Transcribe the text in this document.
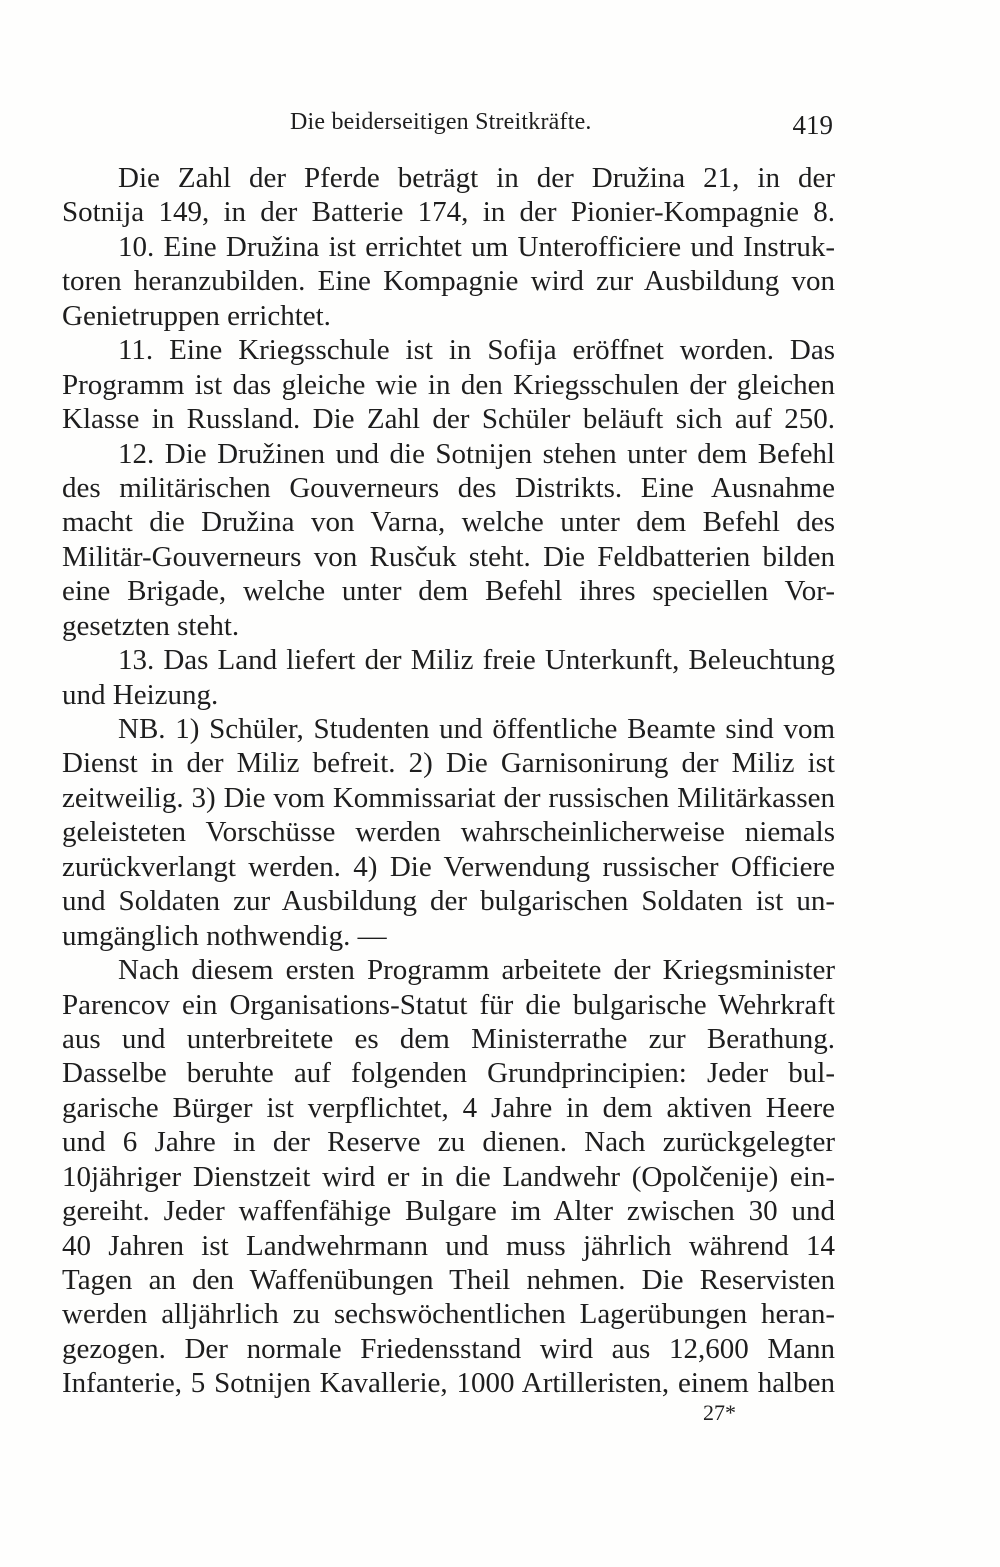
Die beiderseitigen Streitkräfte.	419
Die Zahl der Pferde beträgt in der Družina 21, in der
Sotnija 149, in der Batterie 174, in der Pionier-Kompagnie 8.
10. Eine Družina ist errichtet um Unterofficiere und Instruk-
toren heranzubilden. Eine Kompagnie wird zur Ausbildung von
Genietruppen errichtet.
11. Eine Kriegsschule ist in Sofija eröffnet worden. Das
Programm ist das gleiche wie in den Kriegsschulen der gleichen
Klasse in Russland. Die Zahl der Schüler beläuft sich auf 250.
12. Die Družinen und die Sotnijen stehen unter dem Befehl
des militärischen Gouverneurs des Distrikts. Eine Ausnahme
macht die Družina von Varna, welche unter dem Befehl des
Militär-Gouverneurs von Rusčuk steht. Die Feldbatterien bilden
eine Brigade, welche unter dem Befehl ihres speciellen Vor-
gesetzten steht.
13. Das Land liefert der Miliz freie Unterkunft, Beleuchtung
und Heizung.
NB. 1) Schüler, Studenten und öffentliche Beamte sind vom
Dienst in der Miliz befreit. 2) Die Garnisonirung der Miliz ist
zeitweilig. 3) Die vom Kommissariat der russischen Militärkassen
geleisteten Vorschüsse werden wahrscheinlicherweise niemals
zurückverlangt werden. 4) Die Verwendung russischer Officiere
und Soldaten zur Ausbildung der bulgarischen Soldaten ist un-
umgänglich nothwendig. —
Nach diesem ersten Programm arbeitete der Kriegsminister
Parencov ein Organisations-Statut für die bulgarische Wehrkraft
aus und unterbreitete es dem Ministerrathe zur Berathung.
Dasselbe beruhte auf folgenden Grundprincipien: Jeder bul-
garische Bürger ist verpflichtet, 4 Jahre in dem aktiven Heere
und 6 Jahre in der Reserve zu dienen. Nach zurückgelegter
10jähriger Dienstzeit wird er in die Landwehr (Opolčenije) ein-
gereiht. Jeder waffenfähige Bulgare im Alter zwischen 30 und
40 Jahren ist Landwehrmann und muss jährlich während 14
Tagen an den Waffenübungen Theil nehmen. Die Reservisten
werden alljährlich zu sechswöchentlichen Lagerübungen heran-
gezogen. Der normale Friedensstand wird aus 12,600 Mann
Infanterie, 5 Sotnijen Kavallerie, 1000 Artilleristen, einem halben
27*
